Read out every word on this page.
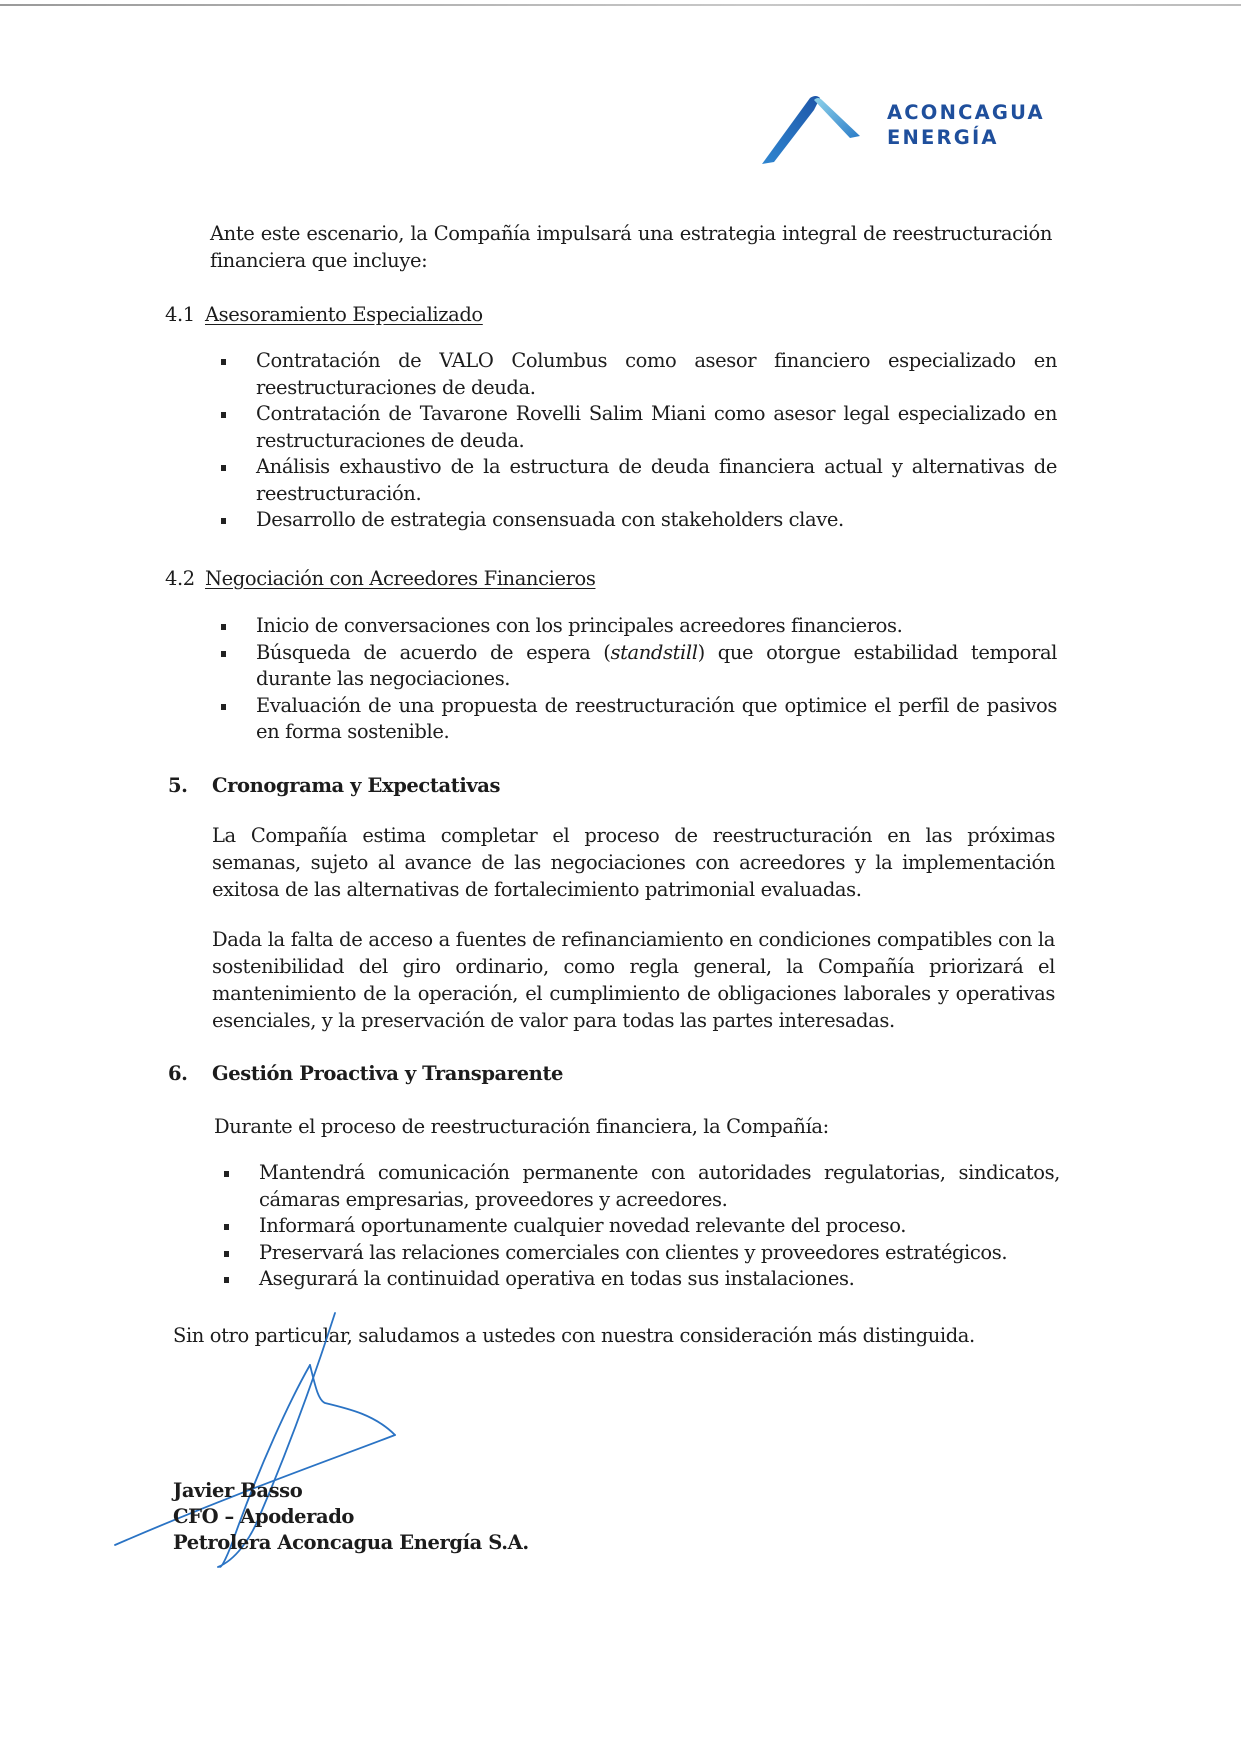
ACONCAGUA
ENERGÍA
Ante este escenario, la Compañía impulsará una estrategia integral de reestructuración financiera que incluye:
4.1 Asesoramiento Especializado
Contratación de VALO Columbus como asesor financiero especializado en reestructuraciones de deuda.
Contratación de Tavarone Rovelli Salim Miani como asesor legal especializado en restructuraciones de deuda.
Análisis exhaustivo de la estructura de deuda financiera actual y alternativas de reestructuración.
Desarrollo de estrategia consensuada con stakeholders clave.
4.2 Negociación con Acreedores Financieros
Inicio de conversaciones con los principales acreedores financieros.
Búsqueda de acuerdo de espera (standstill) que otorgue estabilidad temporal durante las negociaciones.
Evaluación de una propuesta de reestructuración que optimice el perfil de pasivos en forma sostenible.
5. Cronograma y Expectativas
La Compañía estima completar el proceso de reestructuración en las próximas semanas, sujeto al avance de las negociaciones con acreedores y la implementación exitosa de las alternativas de fortalecimiento patrimonial evaluadas.
Dada la falta de acceso a fuentes de refinanciamiento en condiciones compatibles con la sostenibilidad del giro ordinario, como regla general, la Compañía priorizará el mantenimiento de la operación, el cumplimiento de obligaciones laborales y operativas esenciales, y la preservación de valor para todas las partes interesadas.
6. Gestión Proactiva y Transparente
Durante el proceso de reestructuración financiera, la Compañía:
Mantendrá comunicación permanente con autoridades regulatorias, sindicatos, cámaras empresarias, proveedores y acreedores.
Informará oportunamente cualquier novedad relevante del proceso.
Preservará las relaciones comerciales con clientes y proveedores estratégicos.
Asegurará la continuidad operativa en todas sus instalaciones.
Sin otro particular, saludamos a ustedes con nuestra consideración más distinguida.
Javier Basso
CFO – Apoderado
Petrolera Aconcagua Energía S.A.
